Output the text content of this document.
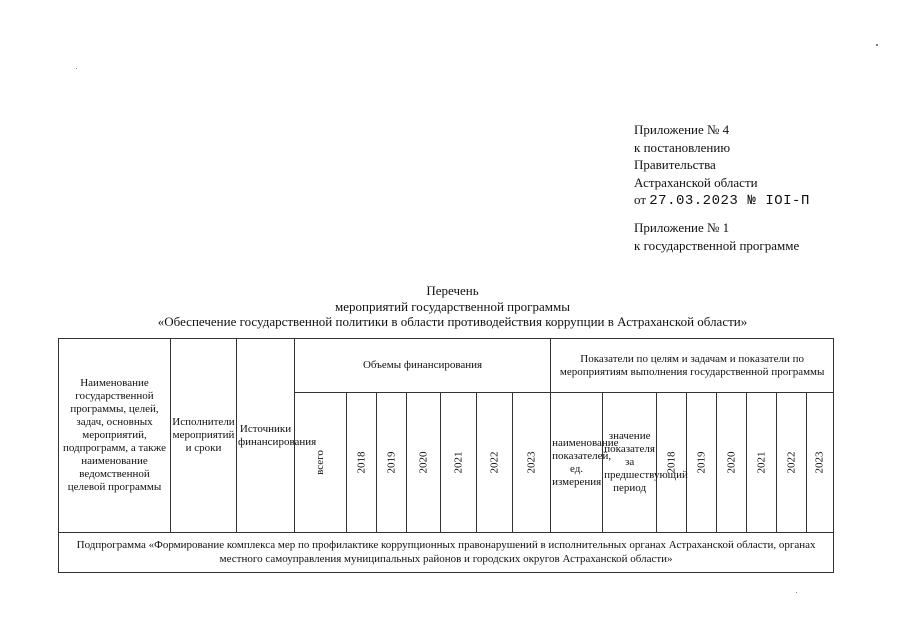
Приложение № 4
к постановлению
Правительства
Астраханской области
от 27.03.2023 № IOI-П
Приложение № 1
к государственной программе
Перечень
мероприятий государственной программы
«Обеспечение государственной политики в области противодействия коррупции в Астраханской области»
Наименование государственной программы, целей, задач, основных мероприятий, подпрограмм, а также наименование ведомственной целевой программы	Исполнители мероприятий и сроки	Источники финансирования	Объемы финансирования							Показатели по целям и задачам и показатели по мероприятиям выполнения государственной программы							
			всего	2018	2019	2020	2021	2022	2023	наименование показателей, ед. измерения	значение показателя за предшествующий период	2018	2019	2020	2021	2022	2023
Подпрограмма «Формирование комплекса мер по профилактике коррупционных правонарушений в исполнительных органах Астраханской области, органах местного самоуправления муниципальных районов и городских округов Астраханской области»																	
